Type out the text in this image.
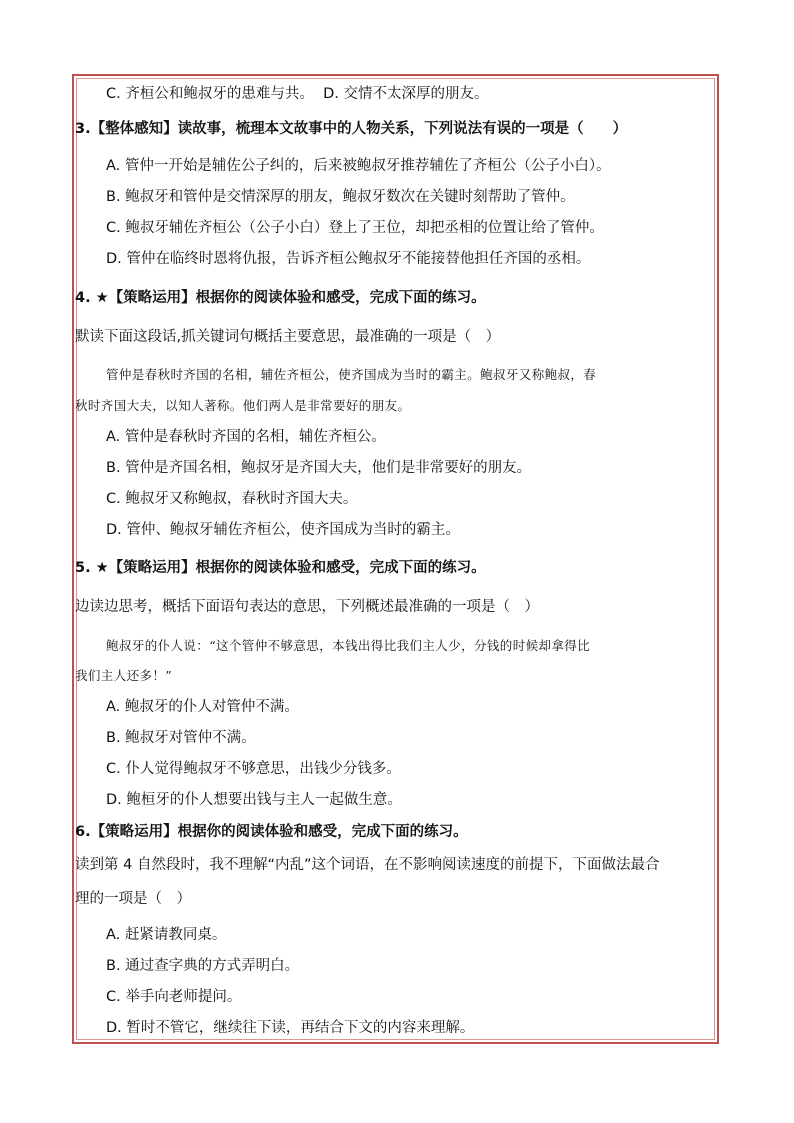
C. 齐桓公和鲍叔牙的患难与共。 D. 交情不太深厚的朋友。
3.【整体感知】读故事，梳理本文故事中的人物关系，下列说法有误的一项是（　　）
A. 管仲一开始是辅佐公子纠的，后来被鲍叔牙推荐辅佐了齐桓公（公子小白）。
B. 鲍叔牙和管仲是交情深厚的朋友，鲍叔牙数次在关键时刻帮助了管仲。
C. 鲍叔牙辅佐齐桓公（公子小白）登上了王位，却把丞相的位置让给了管仲。
D. 管仲在临终时恩将仇报，告诉齐桓公鲍叔牙不能接替他担任齐国的丞相。
4. ★【策略运用】根据你的阅读体验和感受，完成下面的练习。
默读下面这段话,抓关键词句概括主要意思，最准确的一项是（　）
管仲是春秋时齐国的名相，辅佐齐桓公，使齐国成为当时的霸主。鲍叔牙又称鲍叔，春
秋时齐国大夫，以知人著称。他们两人是非常要好的朋友。
A. 管仲是春秋时齐国的名相，辅佐齐桓公。
B. 管仲是齐国名相，鲍叔牙是齐国大夫，他们是非常要好的朋友。
C. 鲍叔牙又称鲍叔，春秋时齐国大夫。
D. 管仲、鲍叔牙辅佐齐桓公，使齐国成为当时的霸主。
5. ★【策略运用】根据你的阅读体验和感受，完成下面的练习。
边读边思考，概括下面语句表达的意思，下列概述最准确的一项是（　）
鲍叔牙的仆人说：“这个管仲不够意思，本钱出得比我们主人少，分钱的时候却拿得比
我们主人还多！”
A. 鲍叔牙的仆人对管仲不满。
B. 鲍叔牙对管仲不满。
C. 仆人觉得鲍叔牙不够意思，出钱少分钱多。
D. 鲍桓牙的仆人想要出钱与主人一起做生意。
6.【策略运用】根据你的阅读体验和感受，完成下面的练习。
读到第 4 自然段时，我不理解“内乱”这个词语，在不影响阅读速度的前提下，下面做法最合
理的一项是（　）
A. 赶紧请教同桌。
B. 通过查字典的方式弄明白。
C. 举手向老师提问。
D. 暂时不管它，继续往下读，再结合下文的内容来理解。
